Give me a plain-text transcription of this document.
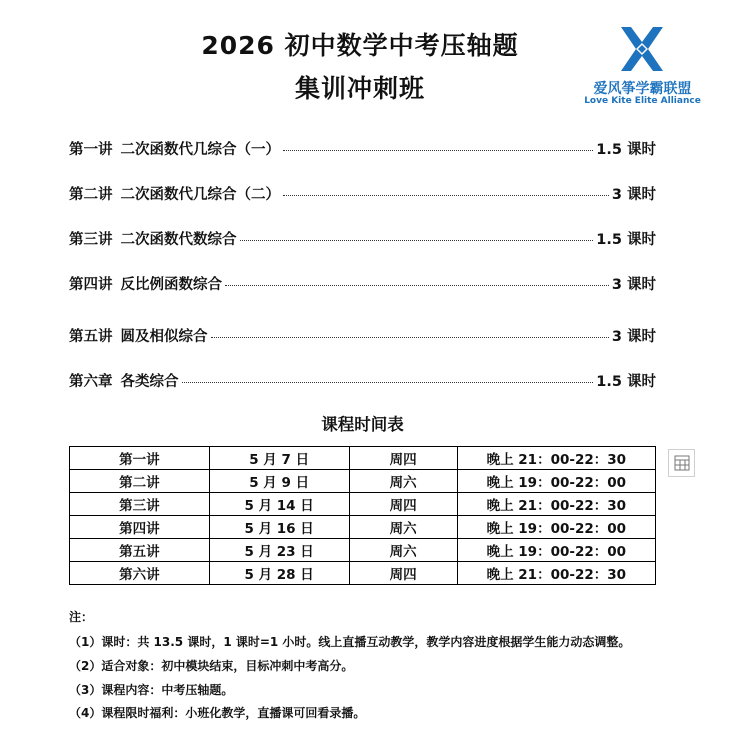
2026 初中数学中考压轴题
集训冲刺班	爱风筝学霸联盟
Love Kite Elite Alliance
第一讲 二次函数代几综合（一）	1.5 课时
第二讲 二次函数代几综合（二）	3 课时
第三讲 二次函数代数综合	1.5 课时
第四讲 反比例函数综合	3 课时
第五讲 圆及相似综合	3 课时
第六章 各类综合	1.5 课时
课程时间表
第一讲	5 月 7 日	周四	晚上 21：00-22：30
第二讲	5 月 9 日	周六	晚上 19：00-22：00
第三讲	5 月 14 日	周四	晚上 21：00-22：30
第四讲	5 月 16 日	周六	晚上 19：00-22：00
第五讲	5 月 23 日	周六	晚上 19：00-22：00
第六讲	5 月 28 日	周四	晚上 21：00-22：30
注：
（1）课时：共 13.5 课时，1 课时=1 小时。线上直播互动教学，教学内容进度根据学生能力动态调整。
（2）适合对象：初中模块结束，目标冲刺中考高分。
（3）课程内容：中考压轴题。
（4）课程限时福利：小班化教学，直播课可回看录播。
